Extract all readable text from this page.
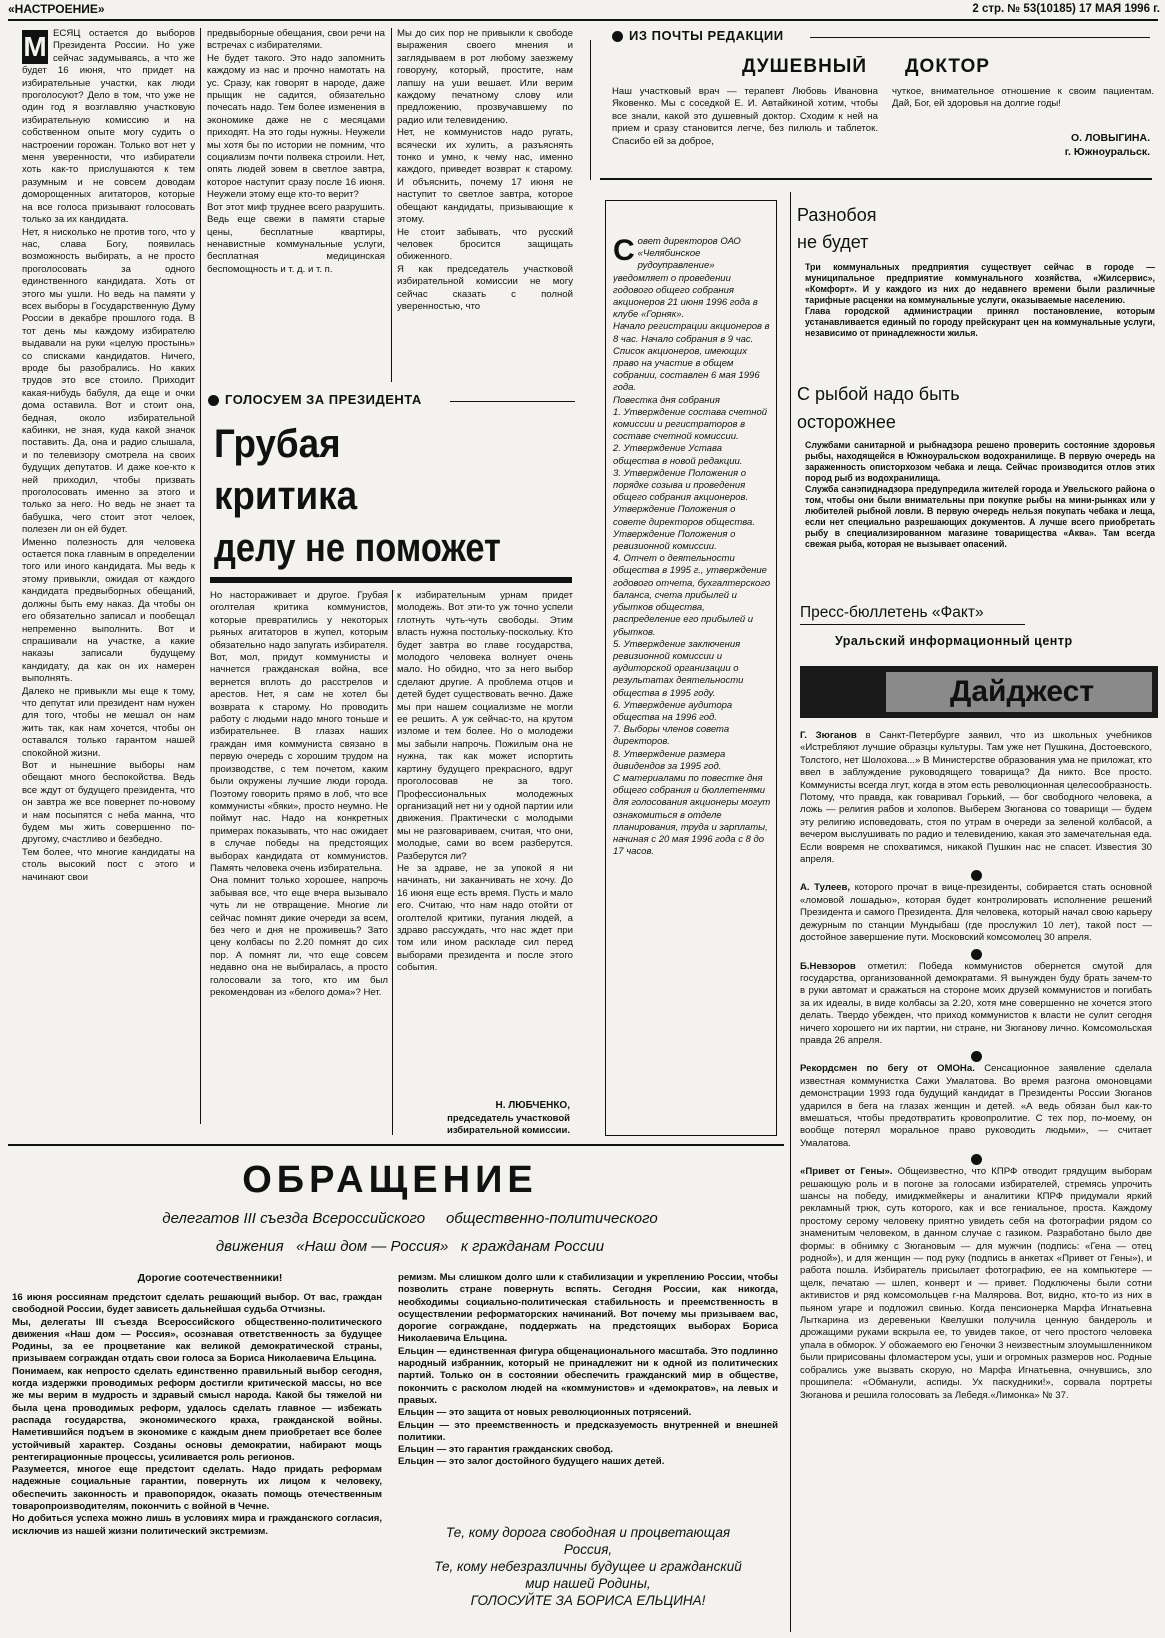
«НАСТРОЕНИЕ»	2 стр. № 53(10185) 17 МАЯ 1996 г.
М ЕСЯЦ остается до выборов Президента России. Но уже сейчас задумываясь, а что же будет 16 июня, что придет на избирательные участки, как люди проголосуют? Дело в том, что уже не один год я возглавляю участковую избирательную комиссию и на собственном опыте могу судить о настроении горожан. Только вот нет у меня уверенности, что избиратели хоть как-то прислушаются к тем разумным и не совсем доводам доморощенных агитаторов, которые на все голоса призывают голосовать только за их кандидата.
Нет, я нисколько не против того, что у нас, слава Богу, появилась возможность выбирать, а не просто проголосовать за одного единственного кандидата. Хоть от этого мы ушли. Но ведь на памяти у всех выборы в Государственную Думу России в декабре прошлого года. В тот день мы каждому избирателю выдавали на руки «целую простынь» со списками кандидатов. Ничего, вроде бы разобрались. Но каких трудов это все стоило. Приходит какая-нибудь бабуля, да еще и очки дома оставила. Вот и стоит она, бедная, около избирательной кабинки, не зная, куда какой значок поставить. Да, она и радио слышала, и по телевизору смотрела на своих будущих депутатов. И даже кое-кто к ней приходил, чтобы призвать проголосовать именно за этого и только за него. Но ведь не знает та бабушка, чего стоит этот челоек, полезен ли он ей будет.
Именно полезность для человека остается пока главным в определении того или иного кандидата. Мы ведь к этому привыкли, ожидая от каждого кандидата предвыборных обещаний, должны быть ему наказ. Да чтобы он его обязательно записал и пообещал непременно выполнить. Вот и спрашивали на участке, а какие наказы записали будущему кандидату, да как он их намерен выполнять.
Далеко не привыкли мы еще к тому, что депутат или президент нам нужен для того, чтобы не мешал он нам жить так, как нам хочется, чтобы он оставался только гарантом нашей спокойной жизни.
Вот и нынешние выборы нам обещают много беспокойства. Ведь все ждут от будущего президента, что он завтра же все повернет по-новому и нам посыпятся с неба манна, что будем мы жить совершенно по-другому, счастливо и безбедно.
Тем более, что многие кандидаты на столь высокий пост с этого и начинают свои
предвыборные обещания, свои речи на встречах с избирателями.
Не будет такого. Это надо запомнить каждому из нас и прочно намотать на ус. Сразу, как говорят в народе, даже прыщик не садится, обязательно почесать надо. Тем более изменения в экономике даже не с месяцами приходят. На это годы нужны. Неужели мы хотя бы по истории не помним, что социализм почти полвека строили. Нет, опять людей зовем в светлое завтра, которое наступит сразу после 16 июня. Неужели этому еще кто-то верит?
Вот этот миф труднее всего разрушить. Ведь еще свежи в памяти старые цены, бесплатные квартиры, ненавистные коммунальные услуги, бесплатная медицинская беспомощность и т. д. и т. п.
Мы до сих пор не привыкли к свободе выражения своего мнения и заглядываем в рот любому заезжему говоруну, который, простите, нам лапшу на уши вешает. Или верим каждому печатному слову или предложению, прозвучавшему по радио или телевидению.
Нет, не коммунистов надо ругать, всячески их хулить, а разъяснять тонко и умно, к чему нас, именно каждого, приведет возврат к старому. И объяснить, почему 17 июня не наступит то светлое завтра, которое обещают кандидаты, призывающие к этому.
Не стоит забывать, что русский человек бросится защищать обиженного.
Я как председатель участковой избирательной комиссии не могу сейчас сказать с полной уверенностью, что
ГОЛОСУЕМ ЗА ПРЕЗИДЕНТА
Грубая
критика
делу не поможет
Но настораживает и другое. Грубая оголтелая критика коммунистов, которые превратились у некоторых рьяных агитаторов в жупел, которым обязательно надо запугать избирателя. Вот, мол, придут коммунисты и начнется гражданская война, все вернется вплоть до расстрелов и арестов. Нет, я сам не хотел бы возврата к старому. Но проводить работу с людьми надо много тоньше и избирательнее. В глазах наших граждан имя коммуниста связано в первую очередь с хорошим трудом на производстве, с тем почетом, каким были окружены лучшие люди города. Поэтому говорить прямо в лоб, что все коммунисты «бяки», просто неумно. Не поймут нас. Надо на конкретных примерах показывать, что нас ожидает в случае победы на предстоящих выборах кандидата от коммунистов. Память человека очень избирательна.
Она помнит только хорошее, напрочь забывая все, что еще вчера вызывало чуть ли не отвращение. Многие ли сейчас помнят дикие очереди за всем, без чего и дня не проживешь? Зато цену колбасы по 2.20 помнят до сих пор. А помнят ли, что еще совсем недавно она не выбиралась, а просто голосовали за того, кто им был рекомендован из «белого дома»? Нет.
к избирательным урнам придет молодежь. Вот эти-то уж точно успели глотнуть чуть-чуть свободы. Этим власть нужна постольку-поскольку. Кто будет завтра во главе государства, молодого человека волнует очень мало. Но обидно, что за него выбор сделают другие. А проблема отцов и детей будет существовать вечно. Даже мы при нашем социализме не могли ее решить. А уж сейчас-то, на крутом изломе и тем более. Но о молодежи мы забыли напрочь. Пожилым она не нужна, так как может испортить картину будущего прекрасного, вдруг проголосовав не за того. Профессиональных молодежных организаций нет ни у одной партии или движения. Практически с молодыми мы не разговариваем, считая, что они, молодые, сами во всем разберутся. Разберутся ли?
Не за здраве, не за упокой я ни начинать, ни заканчивать не хочу. До 16 июня еще есть время. Пусть и мало его. Считаю, что нам надо отойти от оголтелой критики, пугания людей, а здраво рассуждать, что нас ждет при том или ином раскладе сил перед выборами президента и после этого события.
Н. ЛЮБЧЕНКО,
председатель участковой избирательной комиссии.
ИЗ ПОЧТЫ РЕДАКЦИИ
ДУШЕВНЫЙ	ДОКТОР
Наш участковый врач — терапевт Любовь Ивановна Яковенко. Мы с соседкой Е. И. Автайкиной хотим, чтобы все знали, какой это душевный доктор. Сходим к ней на прием и сразу становится легче, без пилюль и таблеток. Спасибо ей за доброе,
чуткое, внимательное отношение к своим пациентам. Дай, Бог, ей здоровья на долгие годы!
О. ЛОВЫГИНА.
г. Южноуральск.
С овет директоров ОАО «Челябинское рудоуправление» уведомляет о проведении годового общего собрания акционеров 21 июня 1996 года в клубе «Горняк».
Начало регистрации акционеров в 8 час. Начало собрания в 9 час. Список акционеров, имеющих право на участие в общем собрании, составлен 6 мая 1996 года.
Повестка дня собрания
1. Утверждение состава счетной комиссии и регистраторов в составе счетной комиссии.
2. Утверждение Устава общества в новой редакции.
3. Утверждение Положения о порядке созыва и проведения общего собрания акционеров. Утверждение Положения о совете директоров общества. Утверждение Положения о ревизионной комиссии.
4. Отчет о деятельности общества в 1995 г., утверждение годового отчета, бухгалтерского баланса, счета прибылей и убытков общества, распределение его прибылей и убытков.
5. Утверждение заключения ревизионной комиссии и аудиторской организации о результатах деятельности общества в 1995 году.
6. Утверждение аудитора общества на 1996 год.
7. Выборы членов совета директоров.
8. Утверждение размера дивидендов за 1995 год.
С материалами по повестке дня общего собрания и бюллетенями для голосования акционеры могут ознакомиться в отделе планирования, труда и зарплаты, начиная с 20 мая 1996 года с 8 до 17 часов.
Разнобоя
не будет
Три коммунальных предприятия существует сейчас в городе — муниципальное предприятие коммунального хозяйства, «Жилсервис», «Комфорт». И у каждого из них до недавнего времени были различные тарифные расценки на коммунальные услуги, оказываемые населению.
Глава городской администрации принял постановление, которым устанавливается единый по городу прейскурант цен на коммунальные услуги, независимо от принадлежности жилья.
С рыбой надо быть
осторожнее
Службами санитарной и рыбнадзора решено проверить состояние здоровья рыбы, находящейся в Южноуральском водохранилище. В первую очередь на зараженность описторхозом чебака и леща. Сейчас производится отлов этих пород рыб из водохранилища.
Служба санэпиднадзора предупредила жителей города и Увельского района о том, чтобы они были внимательны при покупке рыбы на мини-рынках или у любителей рыбной ловли. В первую очередь нельзя покупать чебака и леща, если нет специально разрешающих документов. А лучше всего приобретать рыбу в специализированном магазине товарищества «Аква». Там всегда свежая рыба, которая не вызывает опасений.
Пресс-бюллетень «Факт»
Уральский информационный центр
Дайджест
Г. Зюганов в Санкт-Петербурге заявил, что из школьных учебников «Истребляют лучшие образцы культуры. Там уже нет Пушкина, Достоевского, Толстого, нет Шолохова...» В Министерстве образования ума не приложат, кто ввел в заблуждение руководящего товарища? Да никто. Все просто. Коммунисты всегда лгут, когда в этом есть революционная целесообразность. Потому, что правда, как говаривал Горький, — бог свободного человека, а ложь — религия рабов и холопов. Выберем Зюганова со товарищи — будем эту религию исповедовать, стоя по утрам в очереди за зеленой колбасой, а вечером выслушивать по радио и телевидению, какая это замечательная еда. Если вовремя не спохватимся, никакой Пушкин нас не спасет. Известия 30 апреля.
А. Тулеев, которого прочат в вице-президенты, собирается стать основной «ломовой лошадью», которая будет контролировать исполнение решений Президента и самого Президента. Для человека, который начал свою карьеру дежурным по станции Мундыбаш (где прослужил 10 лет), такой пост — достойное завершение пути. Московский комсомолец 30 апреля.
Б.Невзоров отметил: Победа коммунистов обернется смутой для государства, организованной демократами. Я вынужден буду брать зачем-то в руки автомат и сражаться на стороне моих друзей коммунистов и погибать за их идеалы, в виде колбасы за 2.20, хотя мне совершенно не хочется этого делать. Твердо убежден, что приход коммунистов к власти не сулит сегодня ничего хорошего ни их партии, ни стране, ни Зюганову лично. Комсомольская правда 26 апреля.
Рекордсмен по бегу от ОМОНа. Сенсационное заявление сделала известная коммунистка Сажи Умалатова. Во время разгона омоновцами демонстрации 1993 года будущий кандидат в Президенты России Зюганов ударился в бега на глазах женщин и детей. «А ведь обязан был как-то вмешаться, чтобы предотвратить кровопролитие. С тех пор, по-моему, он вообще потерял моральное право руководить людьми», — считает Умалатова.
«Привет от Гены». Общеизвестно, что КПРФ отводит грядущим выборам решающую роль и в погоне за голосами избирателей, стремясь упрочить шансы на победу, имиджмейкеры и аналитики КПРФ придумали яркий рекламный трюк, суть которого, как и все гениальное, проста. Каждому простому серому человеку приятно увидеть себя на фотографии рядом со знаменитым человеком, в данном случае с газиком. Разработано было две формы: в обнимку с Зюгановым — для мужчин (подпись: «Гена — отец родной»), и для женщин — под руку (подпись в анкетах «Привет от Гены»), и работа пошла. Избиратель присылает фотографию, ее на компьютере — щелк, печатаю — шлеп, конверт и — привет. Подключены были сотни активистов и ряд комсомольцев г-на Малярова. Вот, видно, кто-то из них в пьяном угаре и подложил свинью. Когда пенсионерка Марфа Игнатьевна Лыткарина из деревеньки Квелушки получила ценную бандероль и дрожащими руками вскрыла ее, то увидев такое, от чего простого человека упала в обморок. У обожаемого ею Геночки 3 неизвестным злоумышленником были пририсованы фломастером усы, уши и огромных размеров нос. Родные собрались уже вызвать скорую, но Марфа Игнатьевна, очнувшись, зло прошипела: «Обманули, аспиды. Ух паскудники!», сорвала портреты Зюганова и решила голосовать за Лебедя.«Лимонка» № 37.
ОБРАЩЕНИЕ
делегатов III съезда Всероссийского     общественно-политического
движения   «Наш дом — Россия»   к гражданам России
Дорогие соотечественники!
16 июня россиянам предстоит сделать решающий выбор. От вас, граждан свободной России, будет зависеть дальнейшая судьба Отчизны.
Мы, делегаты III съезда Всероссийского общественно-политического движения «Наш дом — Россия», осознавая ответственность за будущее Родины, за ее процветание как великой демократической страны, призываем сограждан отдать свои голоса за Бориса Николаевича Ельцина.
Понимаем, как непросто сделать единственно правильный выбор сегодня, когда издержки проводимых реформ достигли критической массы, но все же мы верим в мудрость и здравый смысл народа. Какой бы тяжелой ни была цена проводимых реформ, удалось сделать главное — избежать распада государства, экономического краха, гражданской войны. Наметившийся подъем в экономике с каждым днем приобретает все более устойчивый характер. Созданы основы демократии, набирают мощь рентегирационные процессы, усиливается роль регионов.
Разумеется, многое еще предстоит сделать. Надо придать реформам надежные социальные гарантии, повернуть их лицом к человеку, обеспечить законность и правопорядок, оказать помощь отечественным товаропроизводителям, покончить с войной в Чечне.
Но добиться успеха можно лишь в условиях мира и гражданского согласия, исключив из нашей жизни политический экстремизм.
ремизм. Мы слишком долго шли к стабилизации и укреплению России, чтобы позволить стране повернуть вспять. Сегодня России, как никогда, необходимы социально-политическая стабильность и преемственность в осуществлении реформаторских начинаний. Вот почему мы призываем вас, дорогие сограждане, поддержать на предстоящих выборах Бориса Николаевича Ельцина.
Ельцин — единственная фигура общенационального масштаба. Это подлинно народный избранник, который не принадлежит ни к одной из политических партий. Только он в состоянии обеспечить гражданский мир в обществе, покончить с расколом людей на «коммунистов» и «демократов», на левых и правых.
Ельцин — это защита от новых революционных потрясений.
Ельцин — это преемственность и предсказуемость внутренней и внешней политики.
Ельцин — это гарантия гражданских свобод.
Ельцин — это залог достойного будущего наших детей.
Те, кому дорога свободная и процветающая
Россия,
Те, кому небезразличны будущее и гражданский
мир нашей Родины,
ГОЛОСУЙТЕ ЗА БОРИСА ЕЛЬЦИНА!
